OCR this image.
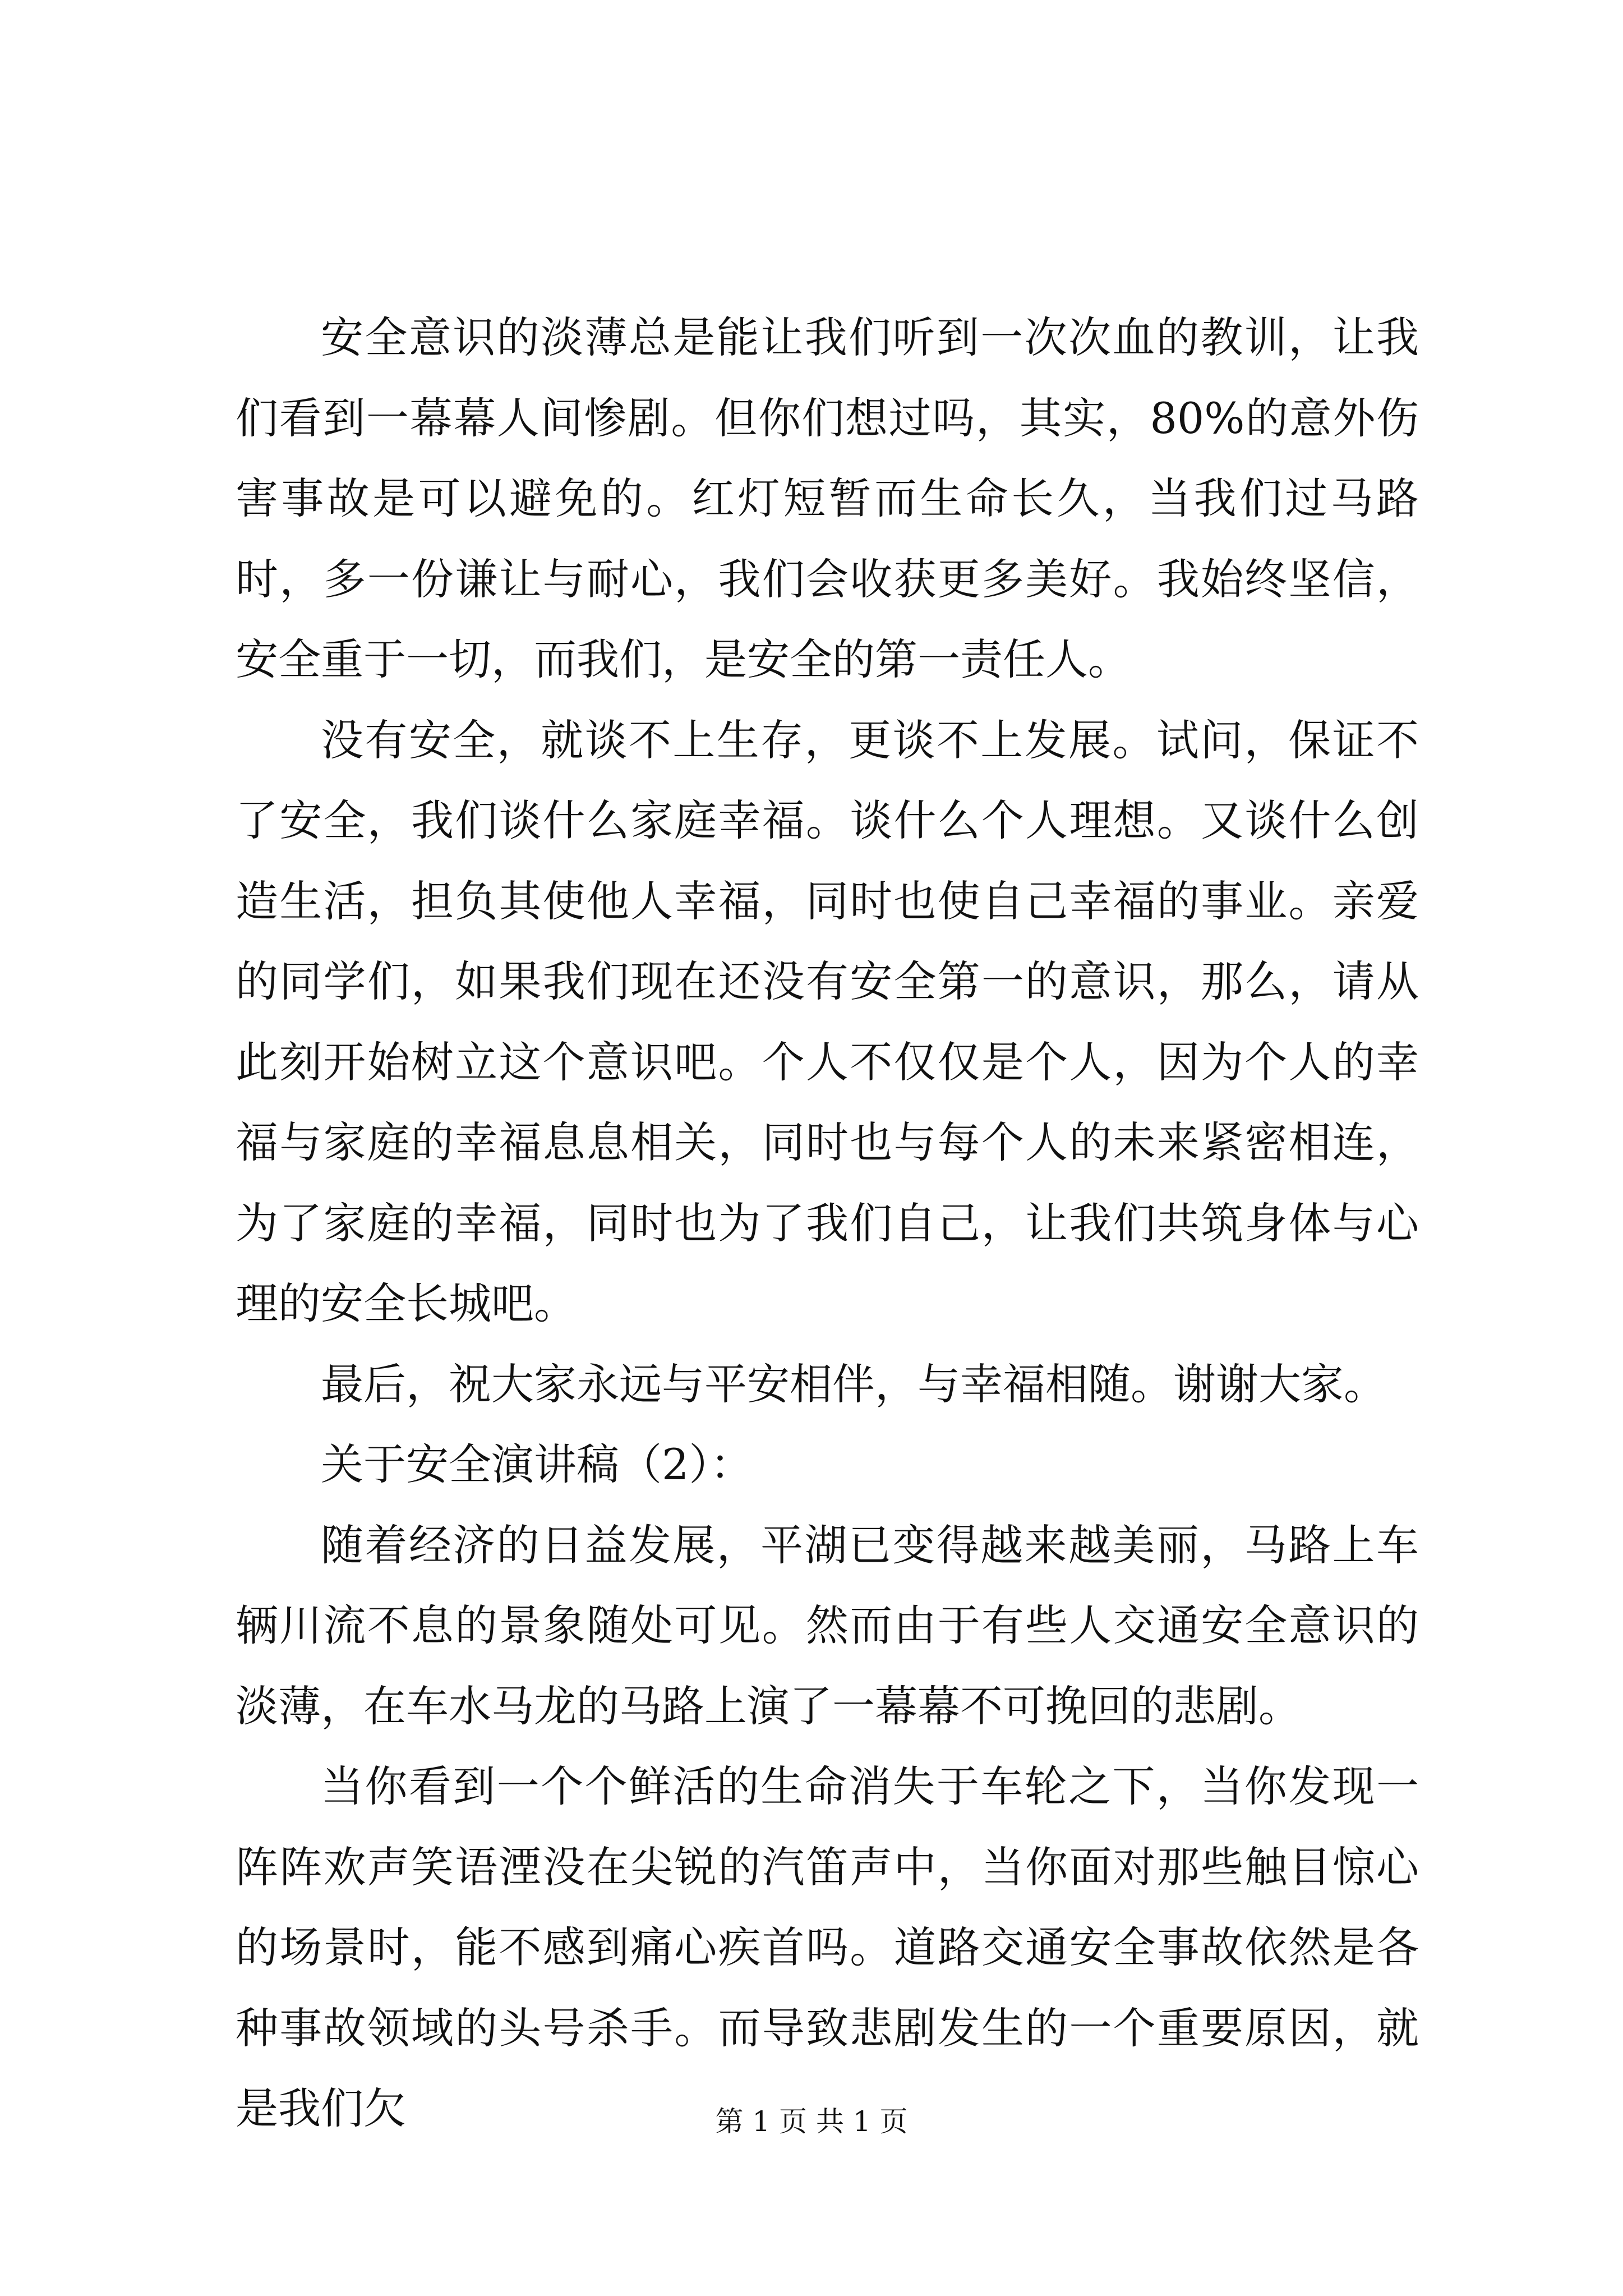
安全意识的淡薄总是能让我们听到一次次血的教训，让我们看到一幕幕人间惨剧。但你们想过吗，其实，80%的意外伤害事故是可以避免的。红灯短暂而生命长久，当我们过马路时，多一份谦让与耐心，我们会收获更多美好。我始终坚信，安全重于一切，而我们，是安全的第一责任人。

没有安全，就谈不上生存，更谈不上发展。试问，保证不了安全，我们谈什么家庭幸福。谈什么个人理想。又谈什么创造生活，担负其使他人幸福，同时也使自己幸福的事业。亲爱的同学们，如果我们现在还没有安全第一的意识，那么，请从此刻开始树立这个意识吧。个人不仅仅是个人，因为个人的幸福与家庭的幸福息息相关，同时也与每个人的未来紧密相连，为了家庭的幸福，同时也为了我们自己，让我们共筑身体与心理的安全长城吧。

最后，祝大家永远与平安相伴，与幸福相随。谢谢大家。

关于安全演讲稿（2）：

随着经济的日益发展，平湖已变得越来越美丽，马路上车辆川流不息的景象随处可见。然而由于有些人交通安全意识的淡薄，在车水马龙的马路上演了一幕幕不可挽回的悲剧。

当你看到一个个鲜活的生命消失于车轮之下，当你发现一阵阵欢声笑语湮没在尖锐的汽笛声中，当你面对那些触目惊心的场景时，能不感到痛心疾首吗。道路交通安全事故依然是各种事故领域的头号杀手。而导致悲剧发生的一个重要原因，就是我们欠	第 1 页 共 1 页
